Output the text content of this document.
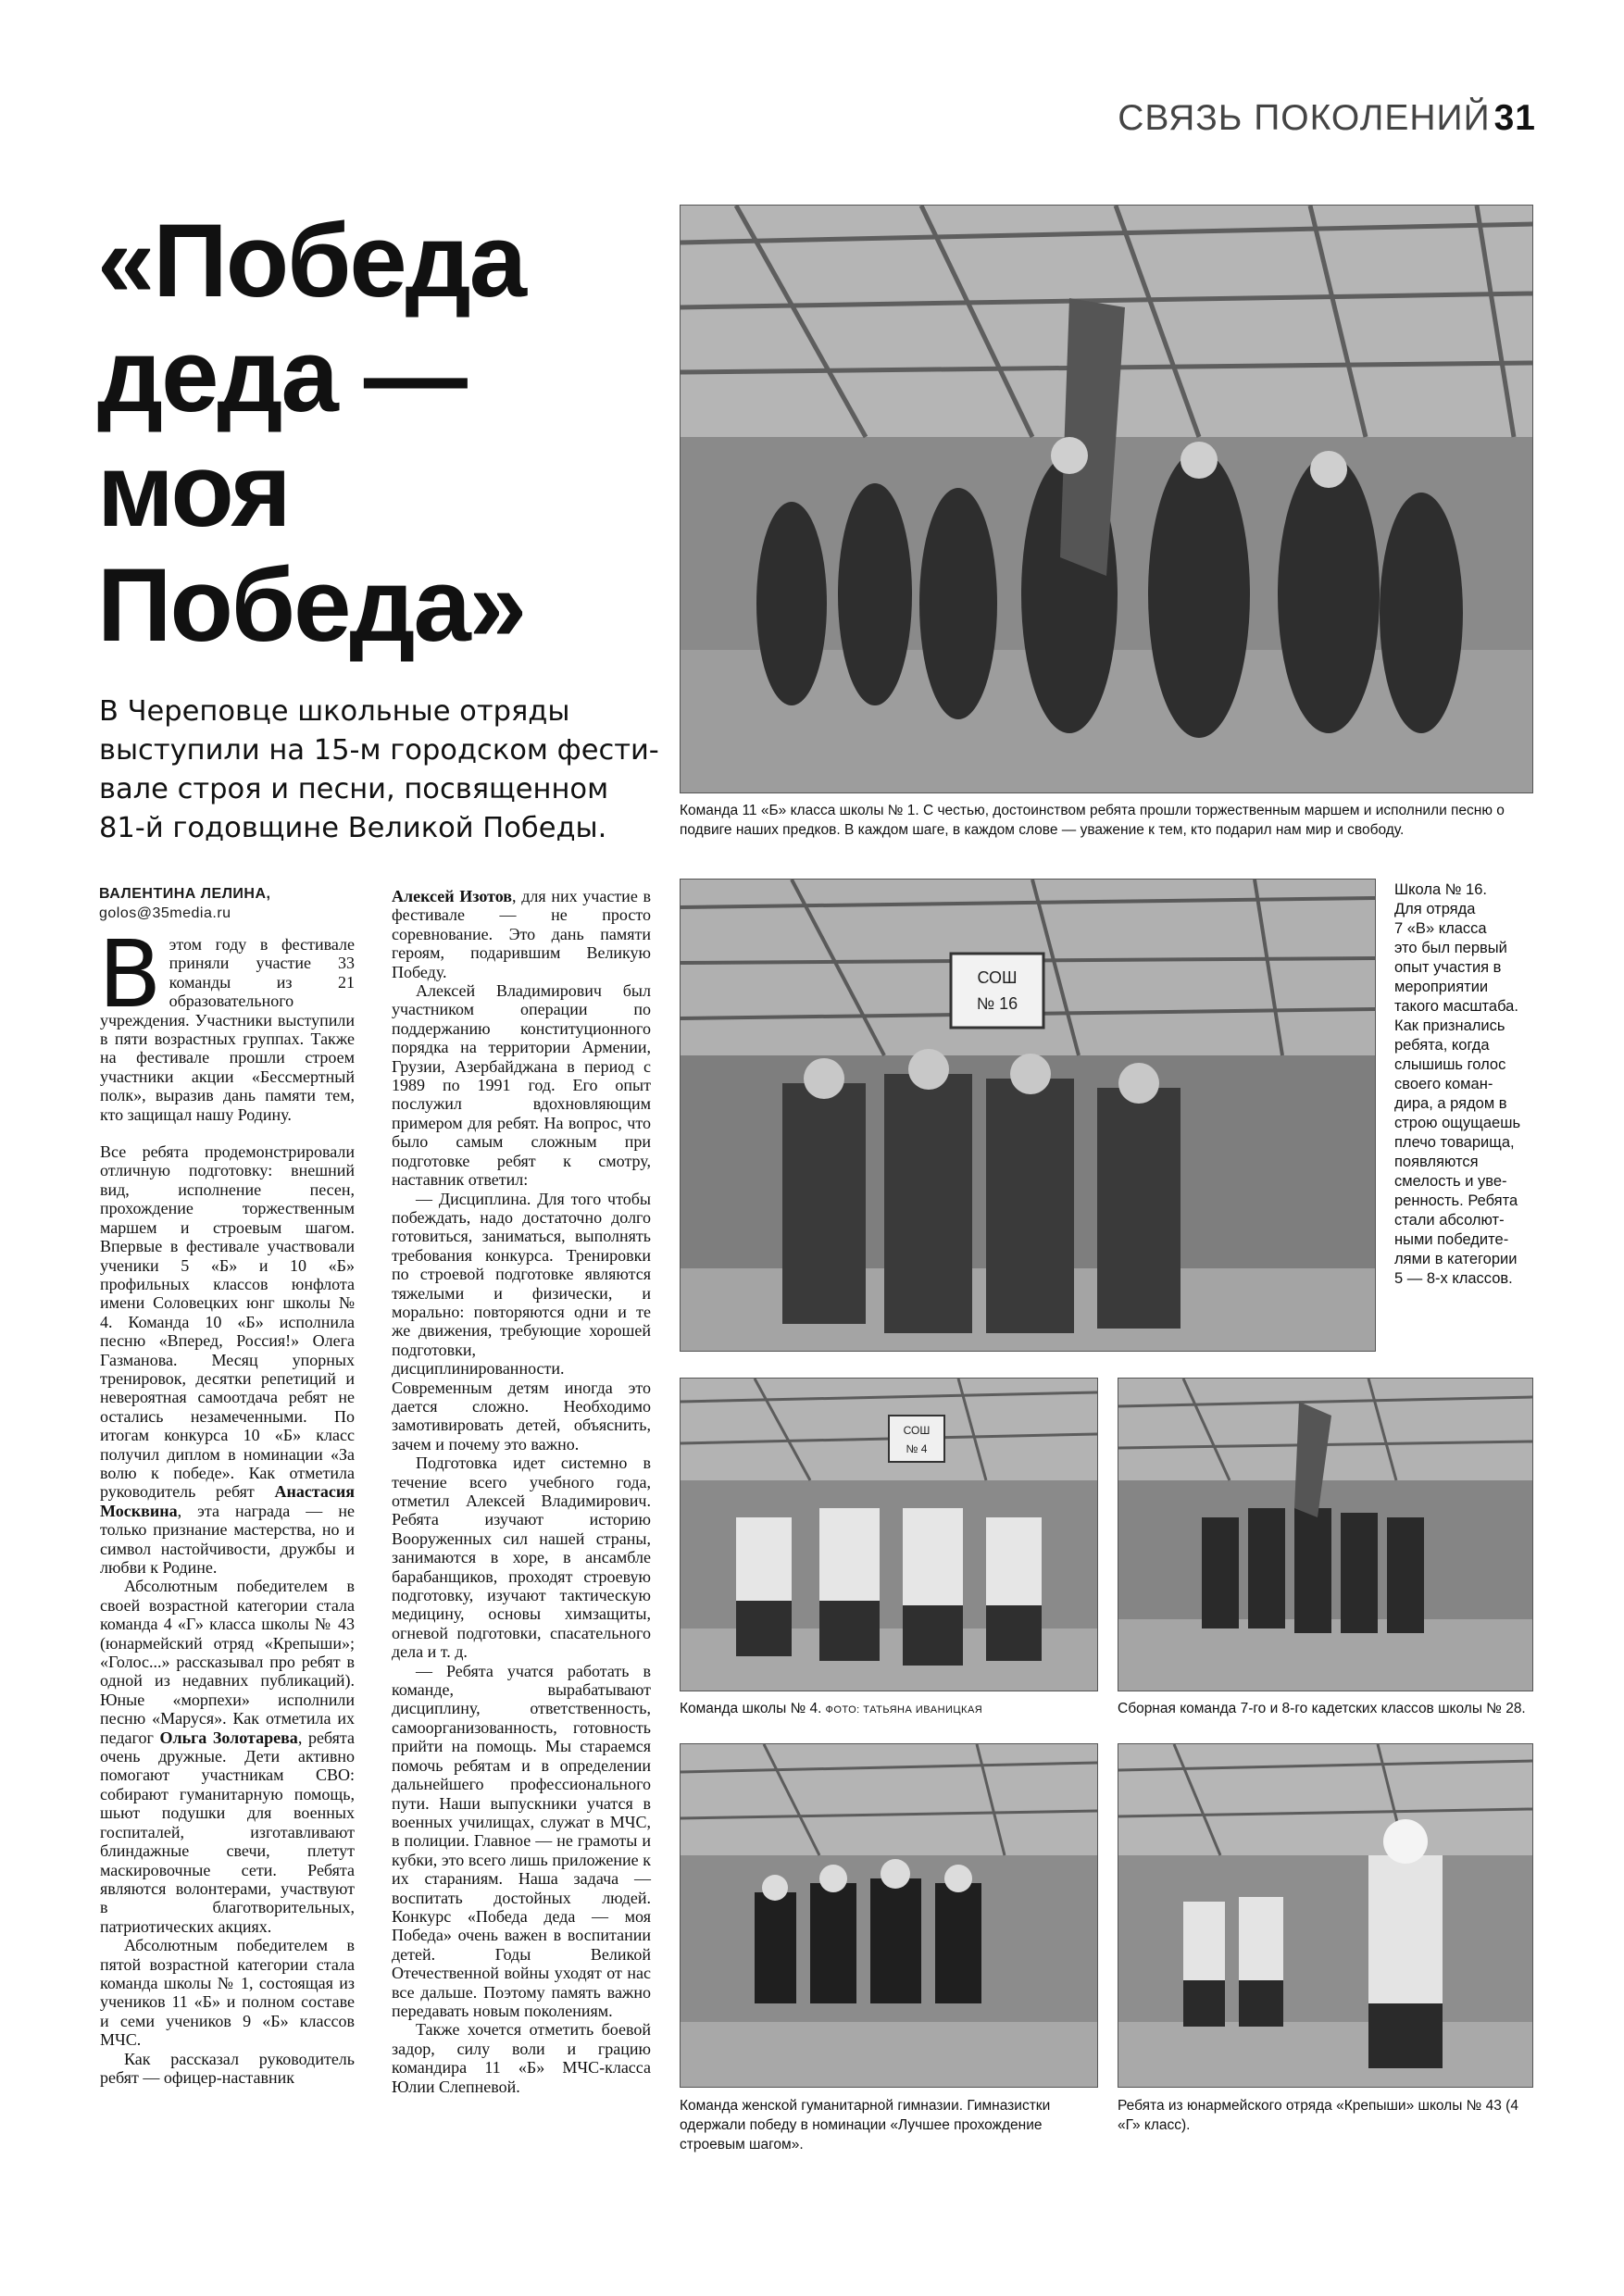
СВЯЗЬ ПОКОЛЕНИЙ 31
«Победа
деда —
моя
Победа»
В Череповце школьные отряды
выступили на 15-м городском фести-
вале строя и песни, посвященном
81-й годовщине Великой Победы.
ВАЛЕНТИНА ЛЕЛИНА,
golos@35media.ru

Вэтом году в фестивале приняли участие 33 команды из 21 образовательного учреждения. Участники выступили в пяти возрастных группах. Также на фестивале прошли строем участники акции «Бессмертный полк», выразив дань памяти тем, кто защищал нашу Родину.

Все ребята продемонстрировали отличную подготовку: внешний вид, исполнение песен, прохождение торжественным маршем и строевым шагом. Впервые в фестивале участвовали ученики 5 «Б» и 10 «Б» профильных классов юнфлота имени Соловецких юнг школы № 4. Команда 10 «Б» исполнила песню «Вперед, Россия!» Олега Газманова. Месяц упорных тренировок, десятки репетиций и невероятная самоотдача ребят не остались незамеченными. По итогам конкурса 10 «Б» класс получил диплом в номинации «За волю к победе». Как отметила руководитель ребят Анастасия Москвина, эта награда — не только признание мастерства, но и символ настойчивости, дружбы и любви к Родине.

Абсолютным победителем в своей возрастной категории стала команда 4 «Г» класса школы № 43 (юнармейский отряд «Крепыши»; «Голос...» рассказывал про ребят в одной из недавних публикаций). Юные «морпехи» исполнили песню «Маруся». Как отметила их педагог Ольга Золотарева, ребята очень дружные. Дети активно помогают участникам СВО: собирают гуманитарную помощь, шьют подушки для военных госпиталей, изготавливают блиндажные свечи, плетут маскировочные сети. Ребята являются волонтерами, участвуют в благотворительных, патриотических акциях.

Абсолютным победителем в пятой возрастной категории стала команда школы № 1, состоящая из учеников 11 «Б» и полном составе и семи учеников 9 «Б» классов МЧС.

Как рассказал руководитель ребят — офицер-наставник

Алексей Изотов, для них участие в фестивале — не просто соревнование. Это дань памяти героям, подарившим Великую Победу.

Алексей Владимирович был участником операции по поддержанию конституционного порядка на территории Армении, Грузии, Азербайджана в период с 1989 по 1991 год. Его опыт послужил вдохновляющим примером для ребят. На вопрос, что было самым сложным при подготовке ребят к смотру, наставник ответил:

— Дисциплина. Для того чтобы побеждать, надо достаточно долго готовиться, заниматься, выполнять требования конкурса. Тренировки по строевой подготовке являются тяжелыми и физически, и морально: повторяются одни и те же движения, требующие хорошей подготовки, дисциплинированности. Современным детям иногда это дается сложно. Необходимо замотивировать детей, объяснить, зачем и почему это важно.

Подготовка идет системно в течение всего учебного года, отметил Алексей Владимирович. Ребята изучают историю Вооруженных сил нашей страны, занимаются в хоре, в ансамбле барабанщиков, проходят строевую подготовку, изучают тактическую медицину, основы химзащиты, огневой подготовки, спасательного дела и т. д.

— Ребята учатся работать в команде, вырабатывают дисциплину, ответственность, самоорганизованность, готовность прийти на помощь. Мы стараемся помочь ребятам и в определении дальнейшего профессионального пути. Наши выпускники учатся в военных училищах, служат в МЧС, в полиции. Главное — не грамоты и кубки, это всего лишь приложение к их стараниям. Наша задача — воспитать достойных людей. Конкурс «Победа деда — моя Победа» очень важен в воспитании детей. Годы Великой Отечественной войны уходят от нас все дальше. Поэтому память важно передавать новым поколениям.

Также хочется отметить боевой задор, силу воли и грацию командира 11 «Б» МЧС-класса Юлии Слепневой.

Команда 11 «Б» класса школы № 1. С честью, достоинством ребята прошли торжественным маршем и исполнили песню о подвиге наших предков. В каждом шаге, в каждом слове — уважение к тем, кто подарил нам мир и свободу.
СОШ
№ 16
Школа № 16.
Для отряда
7 «В» класса
это был первый
опыт участия в
мероприятии
такого масштаба.
Как признались
ребята, когда
слышишь голос
своего коман-
дира, а рядом в
строю ощущаешь
плечо товарища,
появляются
смелость и уве-
ренность. Ребята
стали абсолют-
ными победите-
лями в категории
5 — 8-х классов.
СОШ
№ 4
Команда школы № 4. ФОТО: ТАТЬЯНА ИВАНИЦКАЯ	Сборная команда 7-го и 8-го кадетских классов школы № 28.
Команда женской гуманитарной гимназии. Гимназистки одержали победу в номинации «Лучшее прохождение строевым шагом».
Ребята из юнармейского отряда «Крепыши» школы № 43 (4 «Г» класс).
